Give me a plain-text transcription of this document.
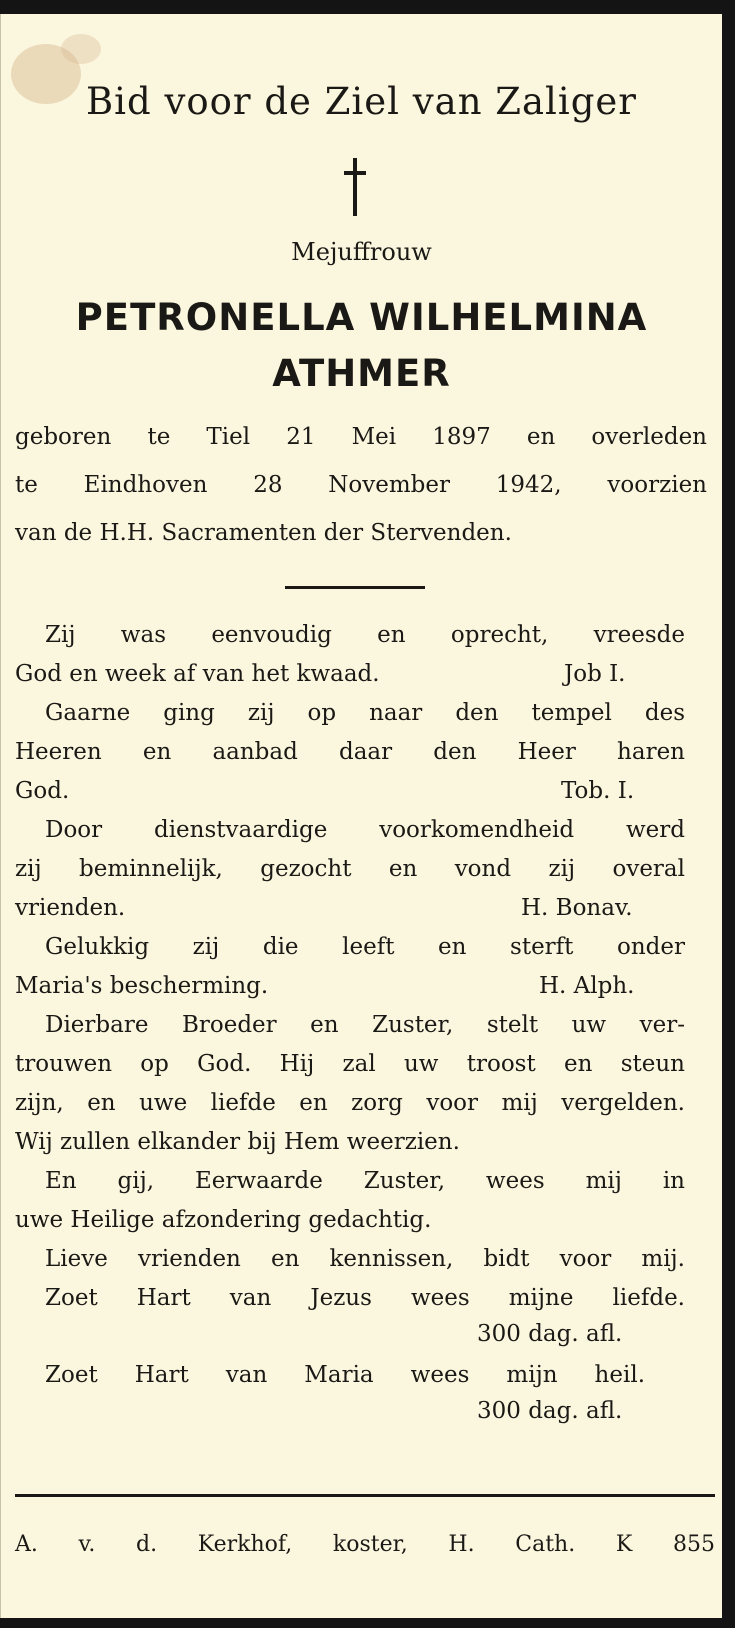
Bid voor de Ziel van Zaliger
Mejuffrouw
PETRONELLA WILHELMINA
ATHMER
geboren te Tiel 21 Mei 1897 en overleden
te Eindhoven 28 November 1942, voorzien
van de H.H. Sacramenten der Stervenden.
Zij was eenvoudig en oprecht, vreesde
God en week af van het kwaad.	Job I.
Gaarne ging zij op naar den tempel des
Heeren en aanbad daar den Heer haren
God.	Tob. I.
Door dienstvaardige voorkomendheid werd
zij beminnelijk, gezocht en vond zij overal
vrienden.	H. Bonav.
Gelukkig zij die leeft en sterft onder
Maria's bescherming.	H. Alph.
Dierbare Broeder en Zuster, stelt uw ver-
trouwen op God. Hij zal uw troost en steun
zijn, en uwe liefde en zorg voor mij vergelden.
Wij zullen elkander bij Hem weerzien.
En gij, Eerwaarde Zuster, wees mij in
uwe Heilige afzondering gedachtig.
Lieve vrienden en kennissen, bidt voor mij.
Zoet Hart van Jezus wees mijne liefde.
300 dag. afl.
Zoet Hart van Maria wees mijn heil.
300 dag. afl.
A. v. d. Kerkhof, koster, H. Cath. K 855
